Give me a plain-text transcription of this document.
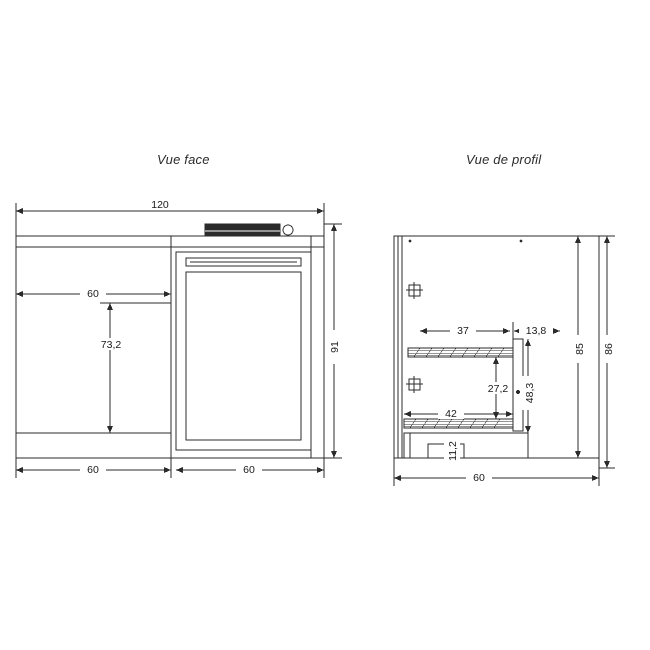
Vue face	Vue de profil
120
60
73,2	91
60	60
37	13,8
27,2 48,3
85 86
42
11,2
60
